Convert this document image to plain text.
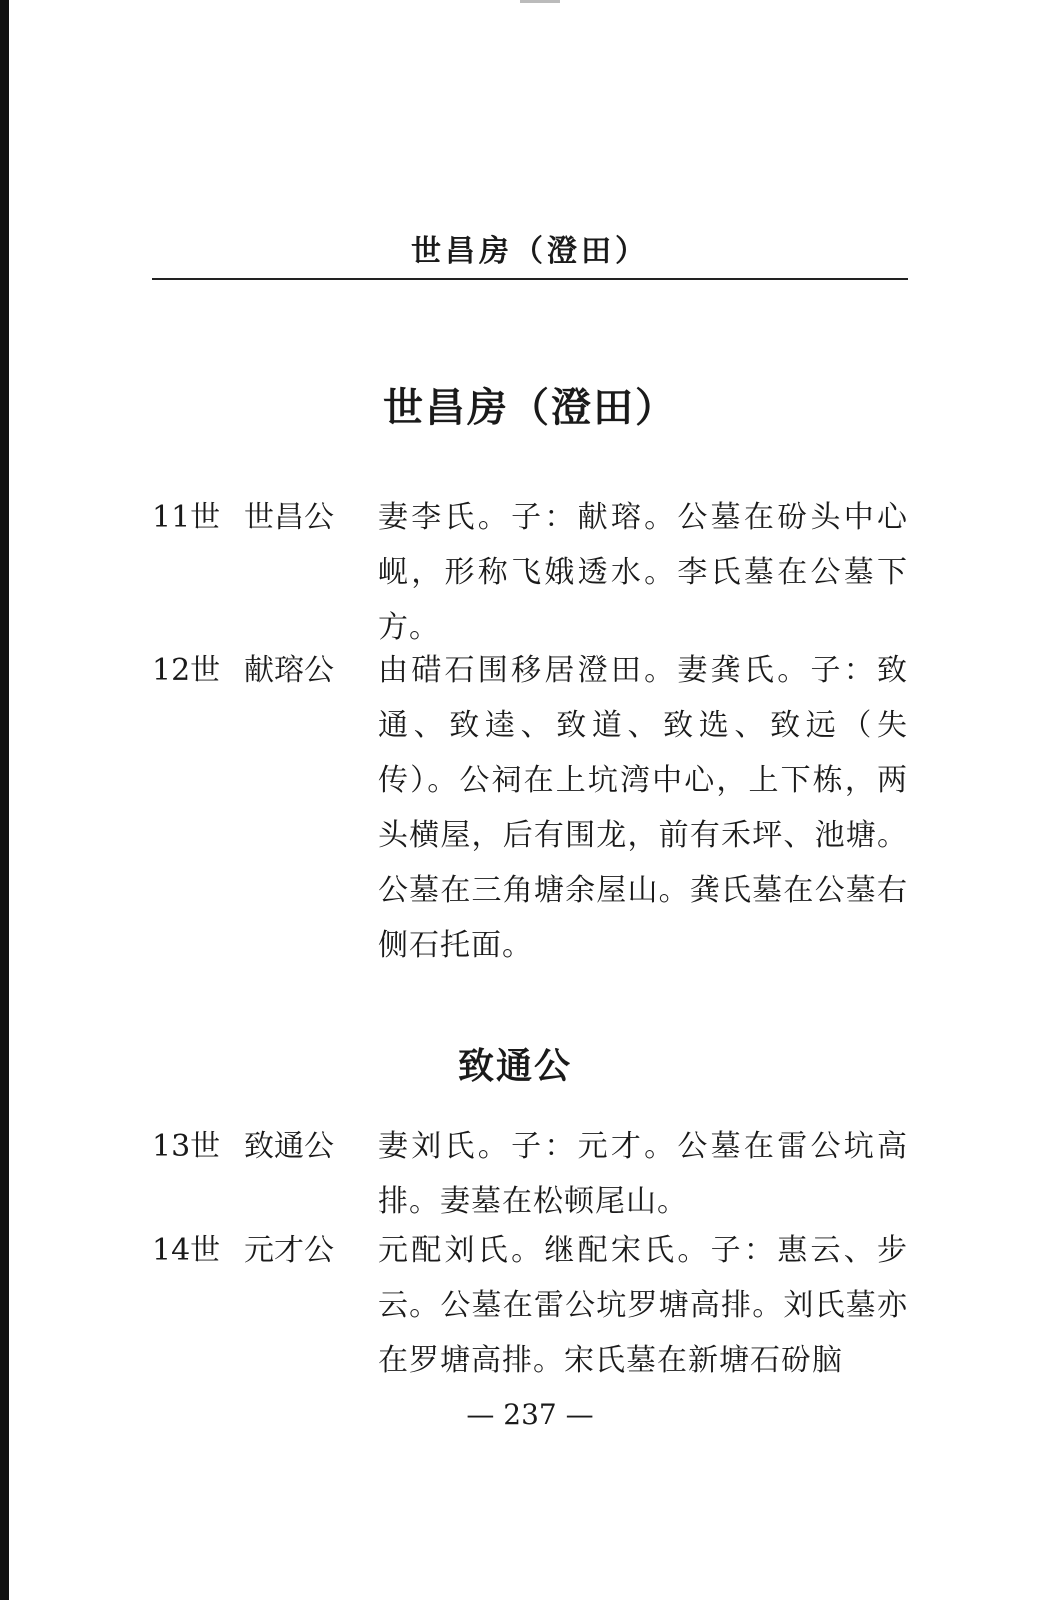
世昌房（澄田）
世昌房（澄田）
11世 世昌公	妻李氏。子：献瑢。公墓在砏头中心岘，形称飞娥透水。李氏墓在公墓下方。
12世 献瑢公	由碏石围移居澄田。妻龚氏。子：致通、致逵、致道、致选、致远（失传）。公祠在上坑湾中心，上下栋，两头横屋，后有围龙，前有禾坪、池塘。公墓在三角塘余屋山。龚氏墓在公墓右侧石托面。
致通公
13世 致通公	妻刘氏。子：元才。公墓在雷公坑高排。妻墓在松顿尾山。
14世 元才公	元配刘氏。继配宋氏。子：惠云、步云。公墓在雷公坑罗塘高排。刘氏墓亦在罗塘高排。宋氏墓在新塘石砏脑
— 237 —
